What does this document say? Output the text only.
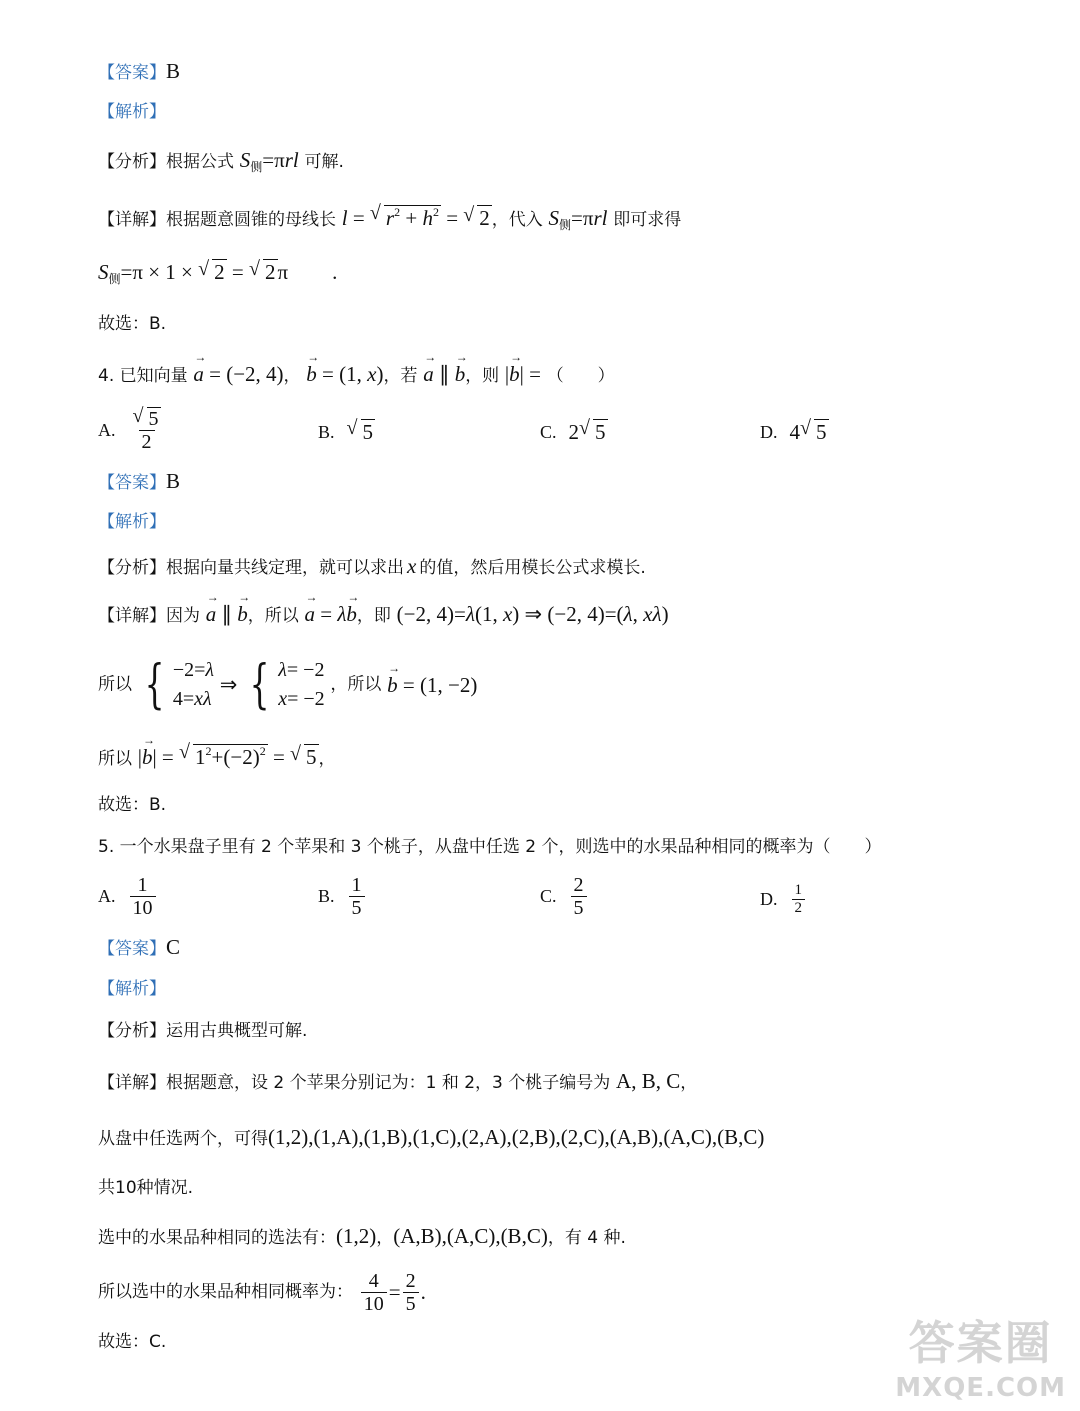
【答案】B
【解析】
【分析】根据公式 $S_侧=\pi rl$ 可解.
【详解】根据题意圆锥的母线长 l = √ $r^2 + h^2$ = √ 2 ，代入 $S_侧=\pi rl$ 即可求得
$S_侧=\pi \times 1$ × √ 2 = √ 2π .
故选：B.
4. 已知向量 → a = (−2, 4)， → b = (1, x)，若 → a ∥ → b，则 |→ b| = （　　）
A. √ $\frac{5}{2}$	B.	√ 5	C. 2 √ 5	D. 4 √ 5
【答案】B
【解析】
【分析】根据向量共线定理，就可以求出 x 的值，然后用模长公式求模长.
【详解】因为 → a ∥ → b，所以 → a = λ→ b，即 (−2, 4)=λ(1, x) ⇒ (−2, 4)=(λ, xλ)
所以 { −2=λ
4=xλ
⇒ { λ= −2
x= −2
，所以 → b = (1, −2)
所以 |→ b| = √ $1^2+(-2)^2$ = √ 5 ，
故选：B.
5. 一个水果盘子里有 2 个苹果和 3 个桃子，从盘中任选 2 个，则选中的水果品种相同的概率为（　　）
A. $\frac{1}{10}$	B. $\frac{1}{5}$	C. $\frac{2}{5}$	D. $\frac{1}{2}$
【答案】C
【解析】
【分析】运用古典概型可解.
【详解】根据题意，设 2 个苹果分别记为：1 和 2，3 个桃子编号为 A, B, C，
从盘中任选两个，可得(1,2),(1,A),(1,B),(1,C),(2,A),(2,B),(2,C),(A,B),(A,C),(B,C)
共10种情况.
选中的水果品种相同的选法有：(1,2)，(A,B),(A,C),(B,C)，有 4 种.
所以选中的水果品种相同概率为： $\frac{4}{10} = \frac{2}{5}$ .
故选：C.	答案圈
MXQE.COM
